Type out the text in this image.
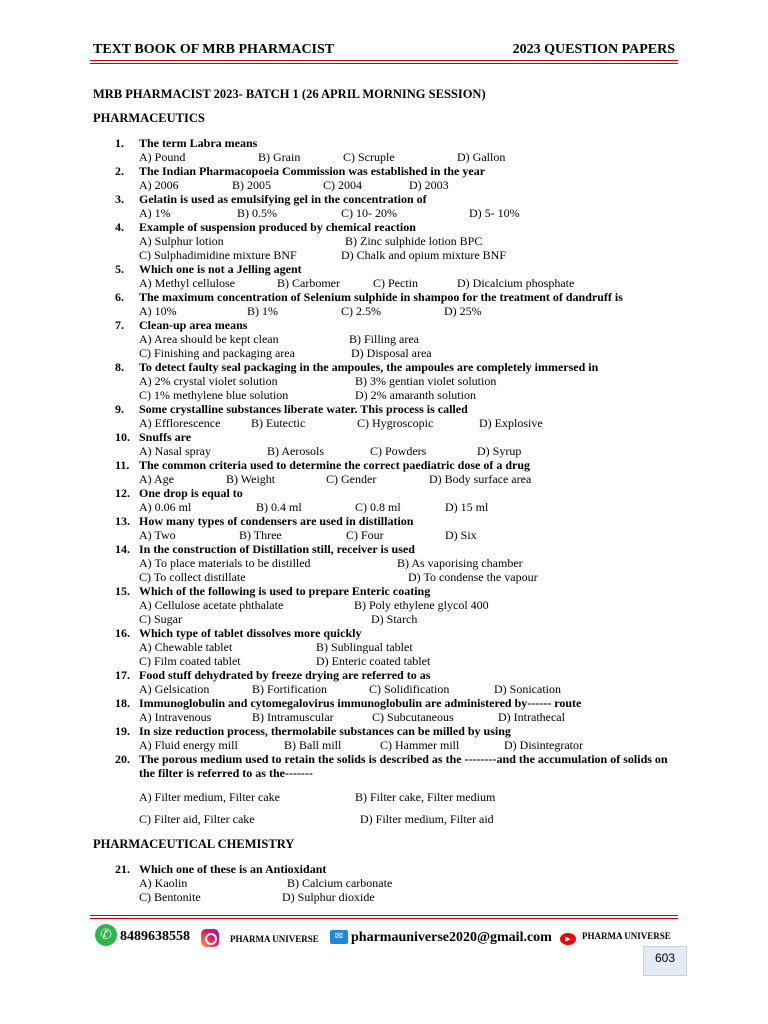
TEXT BOOK OF MRB PHARMACIST	2023 QUESTION PAPERS
MRB PHARMACIST 2023- BATCH 1 (26 APRIL MORNING SESSION)
PHARMACEUTICS
PHARMACEUTICAL CHEMISTRY
1.	The term Labra means
A) Pound	B) Grain	C) Scruple	D) Gallon
2.	The Indian Pharmacopoeia Commission was established in the year
A) 2006	B) 2005	C) 2004	D) 2003
3.	Gelatin is used as emulsifying gel in the concentration of
A) 1%	B) 0.5%	C) 10- 20%	D) 5- 10%
4.	Example of suspension produced by chemical reaction
A) Sulphur lotion	B) Zinc sulphide lotion BPC
C) Sulphadimidine mixture BNF	D) Chalk and opium mixture BNF
5.	Which one is not a Jelling agent
A) Methyl cellulose	B) Carbomer	C) Pectin	D) Dicalcium phosphate
6.	The maximum concentration of Selenium sulphide in shampoo for the treatment of dandruff is
A) 10%	B) 1%	C) 2.5%	D) 25%
7.	Clean-up area means
A) Area should be kept clean	B) Filling area
C) Finishing and packaging area	D) Disposal area
8.	To detect faulty seal packaging in the ampoules, the ampoules are completely immersed in
A) 2% crystal violet solution	B) 3% gentian violet solution
C) 1% methylene blue solution	D) 2% amaranth solution
9.	Some crystalline substances liberate water. This process is called
A) Efflorescence	B) Eutectic	C) Hygroscopic	D) Explosive
10. Snuffs are
A) Nasal spray	B) Aerosols	C) Powders	D) Syrup
11. The common criteria used to determine the correct paediatric dose of a drug
A) Age	B) Weight	C) Gender	D) Body surface area
12. One drop is equal to
A) 0.06 ml	B) 0.4 ml	C) 0.8 ml	D) 15 ml
13. How many types of condensers are used in distillation
A) Two	B) Three	C) Four	D) Six
14. In the construction of Distillation still, receiver is used
A) To place materials to be distilled	B) As vaporising chamber
C) To collect distillate	D) To condense the vapour
15. Which of the following is used to prepare Enteric coating
A) Cellulose acetate phthalate	B) Poly ethylene glycol 400
C) Sugar	D) Starch
16. Which type of tablet dissolves more quickly
A) Chewable tablet	B) Sublingual tablet
C) Film coated tablet	D) Enteric coated tablet
17. Food stuff dehydrated by freeze drying are referred to as
A) Gelsication	B) Fortification	C) Solidification	D) Sonication
18. Immunoglobulin and cytomegalovirus immunoglobulin are administered by------ route
A) Intravenous	B) Intramuscular	C) Subcutaneous	D) Intrathecal
19. In size reduction process, thermolabile substances can be milled by using
A) Fluid energy mill	B) Ball mill	C) Hammer mill	D) Disintegrator
20. The porous medium used to retain the solids is described as the --------and the accumulation of solids on the filter is referred to as the-------
A) Filter medium, Filter cake	B) Filter cake, Filter medium
C) Filter aid, Filter cake	D) Filter medium, Filter aid
21. Which one of these is an Antioxidant
A) Kaolin	B) Calcium carbonate
C) Bentonite	D) Sulphur dioxide
✆ 8489638558	PHARMA UNIVERSE	✉ pharmauniverse2020@gmail.com	▶	PHARMA UNIVERSE
603
